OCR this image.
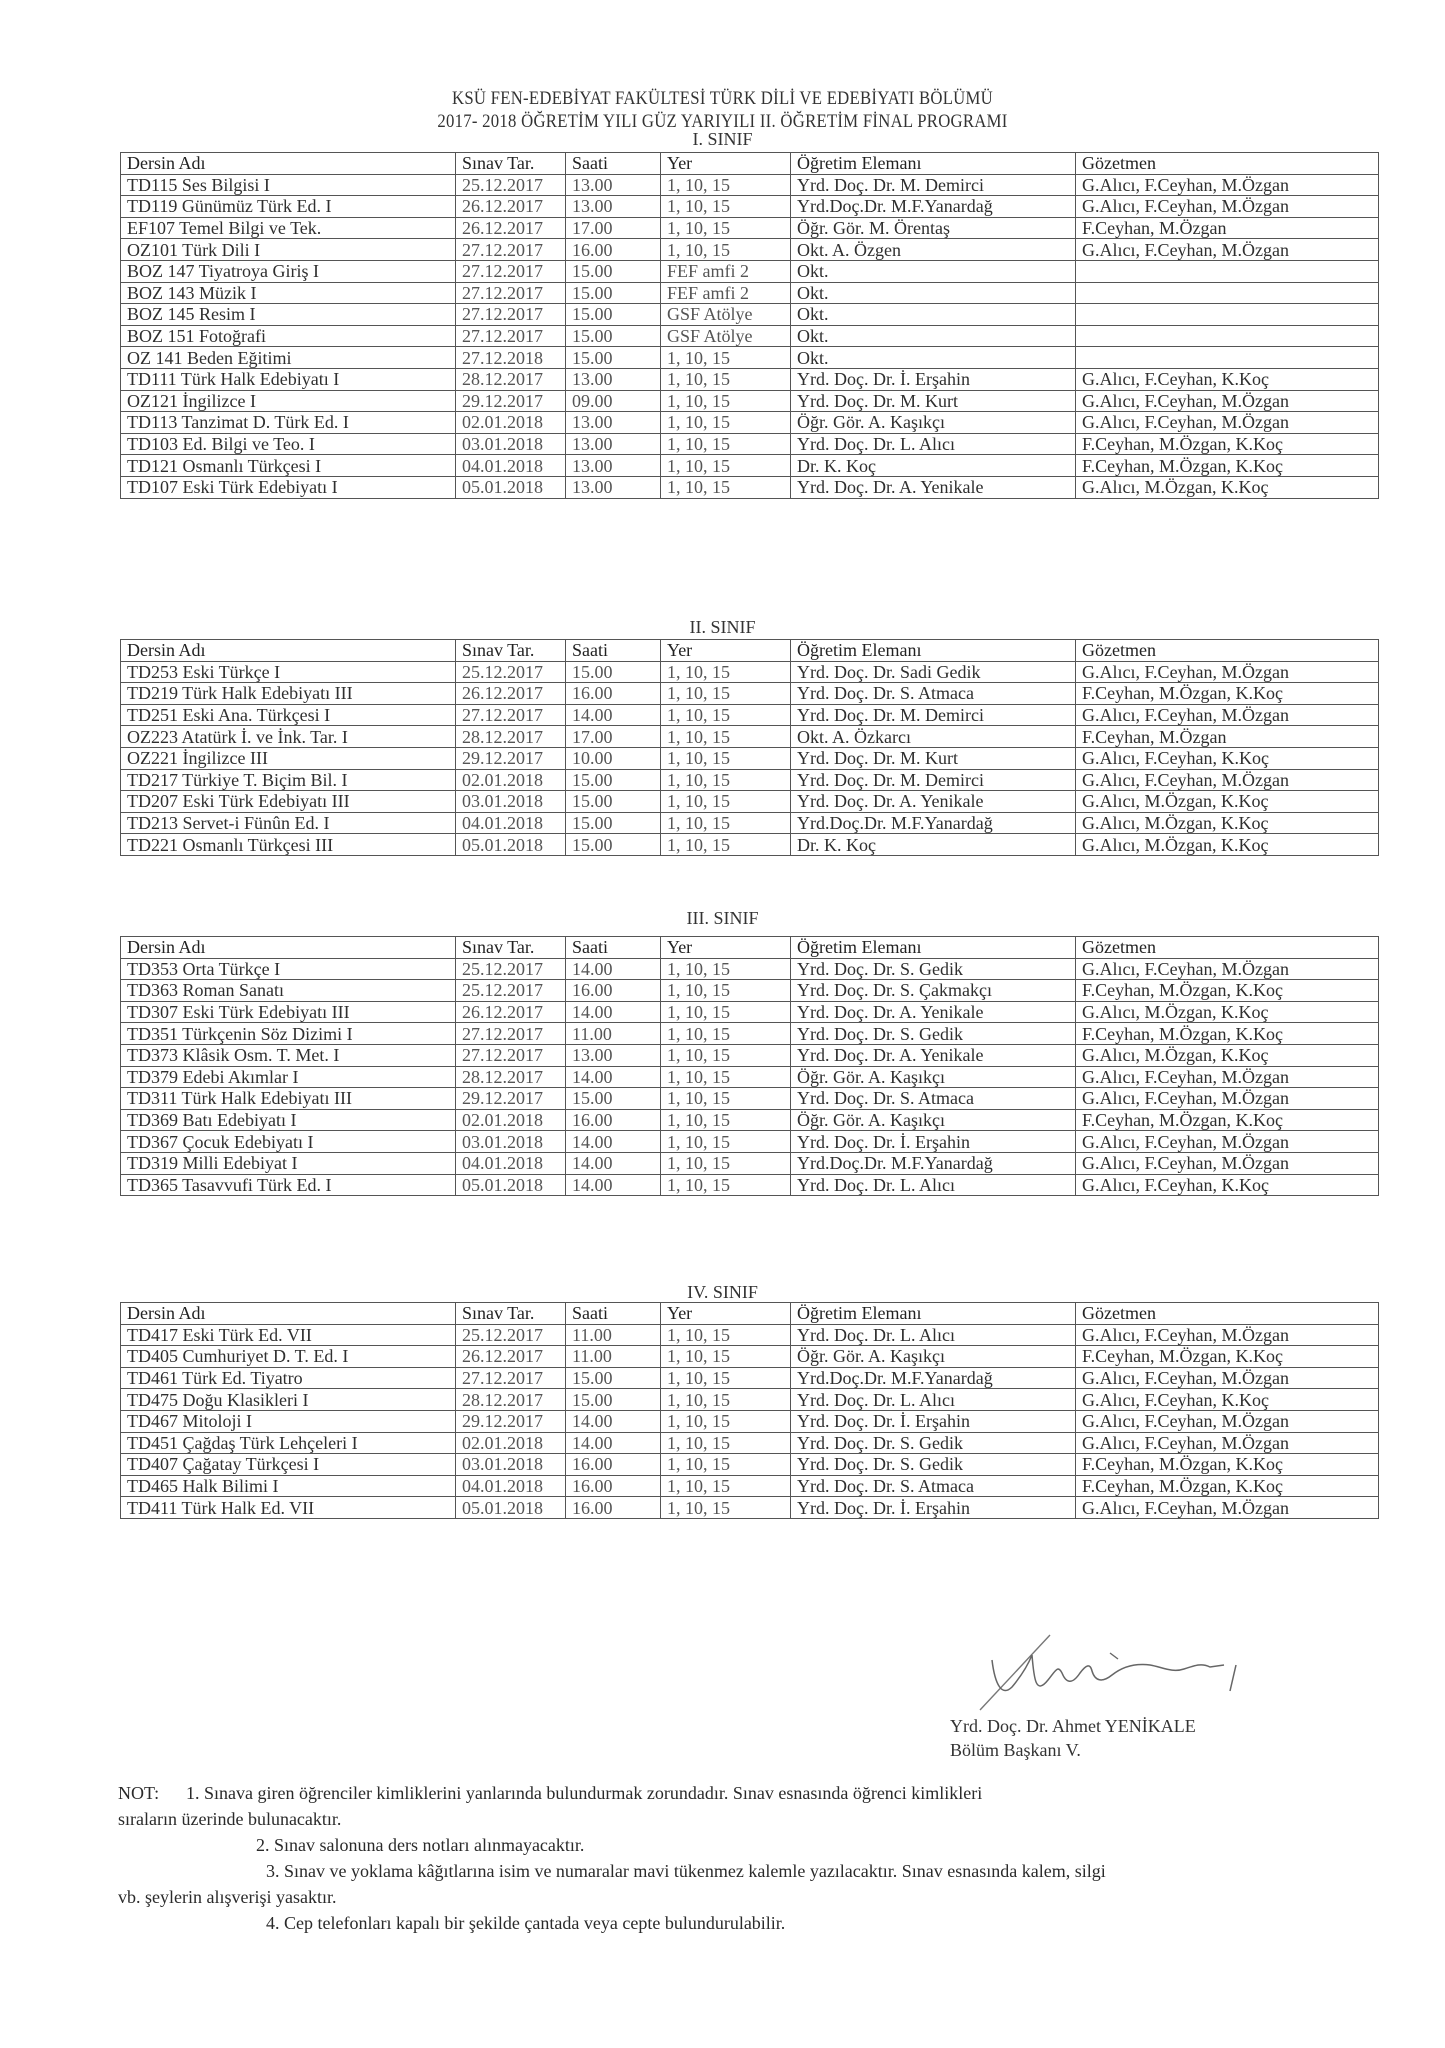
KSÜ FEN-EDEBİYAT FAKÜLTESİ TÜRK DİLİ VE EDEBİYATI BÖLÜMÜ
2017- 2018 ÖĞRETİM YILI GÜZ YARIYILI II. ÖĞRETİM FİNAL PROGRAMI
I. SINIF
Dersin Adı	Sınav Tar.	Saati	Yer	Öğretim Elemanı	Gözetmen
TD115 Ses Bilgisi I	25.12.2017	13.00	1, 10, 15	Yrd. Doç. Dr. M. Demirci	G.Alıcı, F.Ceyhan, M.Özgan
TD119 Günümüz Türk Ed. I	26.12.2017	13.00	1, 10, 15	Yrd.Doç.Dr. M.F.Yanardağ	G.Alıcı, F.Ceyhan, M.Özgan
EF107 Temel Bilgi ve Tek.	26.12.2017	17.00	1, 10, 15	Öğr. Gör. M. Örentaş	F.Ceyhan, M.Özgan
OZ101 Türk Dili I	27.12.2017	16.00	1, 10, 15	Okt. A. Özgen	G.Alıcı, F.Ceyhan, M.Özgan
BOZ 147 Tiyatroya Giriş I	27.12.2017	15.00	FEF amfi 2	Okt.	
BOZ 143 Müzik I	27.12.2017	15.00	FEF amfi 2	Okt.	
BOZ 145 Resim I	27.12.2017	15.00	GSF Atölye	Okt.	
BOZ 151 Fotoğrafi	27.12.2017	15.00	GSF Atölye	Okt.	
OZ 141 Beden Eğitimi	27.12.2018	15.00	1, 10, 15	Okt.	
TD111 Türk Halk Edebiyatı I	28.12.2017	13.00	1, 10, 15	Yrd. Doç. Dr. İ. Erşahin	G.Alıcı, F.Ceyhan, K.Koç
OZ121 İngilizce I	29.12.2017	09.00	1, 10, 15	Yrd. Doç. Dr. M. Kurt	G.Alıcı, F.Ceyhan, M.Özgan
TD113 Tanzimat D. Türk Ed. I	02.01.2018	13.00	1, 10, 15	Öğr. Gör. A. Kaşıkçı	G.Alıcı, F.Ceyhan, M.Özgan
TD103 Ed. Bilgi ve Teo. I	03.01.2018	13.00	1, 10, 15	Yrd. Doç. Dr. L. Alıcı	F.Ceyhan, M.Özgan, K.Koç
TD121 Osmanlı Türkçesi I	04.01.2018	13.00	1, 10, 15	Dr. K. Koç	F.Ceyhan, M.Özgan, K.Koç
TD107 Eski Türk Edebiyatı I	05.01.2018	13.00	1, 10, 15	Yrd. Doç. Dr. A. Yenikale	G.Alıcı, M.Özgan, K.Koç
II. SINIF
Dersin Adı	Sınav Tar.	Saati	Yer	Öğretim Elemanı	Gözetmen
TD253 Eski Türkçe I	25.12.2017	15.00	1, 10, 15	Yrd. Doç. Dr. Sadi Gedik	G.Alıcı, F.Ceyhan, M.Özgan
TD219 Türk Halk Edebiyatı III	26.12.2017	16.00	1, 10, 15	Yrd. Doç. Dr. S. Atmaca	F.Ceyhan, M.Özgan, K.Koç
TD251 Eski Ana. Türkçesi I	27.12.2017	14.00	1, 10, 15	Yrd. Doç. Dr. M. Demirci	G.Alıcı, F.Ceyhan, M.Özgan
OZ223 Atatürk İ. ve İnk. Tar. I	28.12.2017	17.00	1, 10, 15	Okt. A. Özkarcı	F.Ceyhan, M.Özgan
OZ221 İngilizce III	29.12.2017	10.00	1, 10, 15	Yrd. Doç. Dr. M. Kurt	G.Alıcı, F.Ceyhan, K.Koç
TD217 Türkiye T. Biçim Bil. I	02.01.2018	15.00	1, 10, 15	Yrd. Doç. Dr. M. Demirci	G.Alıcı, F.Ceyhan, M.Özgan
TD207 Eski Türk Edebiyatı III	03.01.2018	15.00	1, 10, 15	Yrd. Doç. Dr. A. Yenikale	G.Alıcı, M.Özgan, K.Koç
TD213 Servet-i Fünûn Ed. I	04.01.2018	15.00	1, 10, 15	Yrd.Doç.Dr. M.F.Yanardağ	G.Alıcı, M.Özgan, K.Koç
TD221 Osmanlı Türkçesi III	05.01.2018	15.00	1, 10, 15	Dr. K. Koç	G.Alıcı, M.Özgan, K.Koç
III. SINIF
Dersin Adı	Sınav Tar.	Saati	Yer	Öğretim Elemanı	Gözetmen
TD353 Orta Türkçe I	25.12.2017	14.00	1, 10, 15	Yrd. Doç. Dr. S. Gedik	G.Alıcı, F.Ceyhan, M.Özgan
TD363 Roman Sanatı	25.12.2017	16.00	1, 10, 15	Yrd. Doç. Dr. S. Çakmakçı	F.Ceyhan, M.Özgan, K.Koç
TD307 Eski Türk Edebiyatı III	26.12.2017	14.00	1, 10, 15	Yrd. Doç. Dr. A. Yenikale	G.Alıcı, M.Özgan, K.Koç
TD351 Türkçenin Söz Dizimi I	27.12.2017	11.00	1, 10, 15	Yrd. Doç. Dr. S. Gedik	F.Ceyhan, M.Özgan, K.Koç
TD373 Klâsik Osm. T. Met. I	27.12.2017	13.00	1, 10, 15	Yrd. Doç. Dr. A. Yenikale	G.Alıcı, M.Özgan, K.Koç
TD379 Edebi Akımlar I	28.12.2017	14.00	1, 10, 15	Öğr. Gör. A. Kaşıkçı	G.Alıcı, F.Ceyhan, M.Özgan
TD311 Türk Halk Edebiyatı III	29.12.2017	15.00	1, 10, 15	Yrd. Doç. Dr. S. Atmaca	G.Alıcı, F.Ceyhan, M.Özgan
TD369 Batı Edebiyatı I	02.01.2018	16.00	1, 10, 15	Öğr. Gör. A. Kaşıkçı	F.Ceyhan, M.Özgan, K.Koç
TD367 Çocuk Edebiyatı I	03.01.2018	14.00	1, 10, 15	Yrd. Doç. Dr. İ. Erşahin	G.Alıcı, F.Ceyhan, M.Özgan
TD319 Milli Edebiyat I	04.01.2018	14.00	1, 10, 15	Yrd.Doç.Dr. M.F.Yanardağ	G.Alıcı, F.Ceyhan, M.Özgan
TD365 Tasavvufi Türk Ed. I	05.01.2018	14.00	1, 10, 15	Yrd. Doç. Dr. L. Alıcı	G.Alıcı, F.Ceyhan, K.Koç
IV. SINIF
Dersin Adı	Sınav Tar.	Saati	Yer	Öğretim Elemanı	Gözetmen
TD417 Eski Türk Ed. VII	25.12.2017	11.00	1, 10, 15	Yrd. Doç. Dr. L. Alıcı	G.Alıcı, F.Ceyhan, M.Özgan
TD405 Cumhuriyet D. T. Ed. I	26.12.2017	11.00	1, 10, 15	Öğr. Gör. A. Kaşıkçı	F.Ceyhan, M.Özgan, K.Koç
TD461 Türk Ed. Tiyatro	27.12.2017	15.00	1, 10, 15	Yrd.Doç.Dr. M.F.Yanardağ	G.Alıcı, F.Ceyhan, M.Özgan
TD475 Doğu Klasikleri I	28.12.2017	15.00	1, 10, 15	Yrd. Doç. Dr. L. Alıcı	G.Alıcı, F.Ceyhan, K.Koç
TD467 Mitoloji I	29.12.2017	14.00	1, 10, 15	Yrd. Doç. Dr. İ. Erşahin	G.Alıcı, F.Ceyhan, M.Özgan
TD451 Çağdaş Türk Lehçeleri I	02.01.2018	14.00	1, 10, 15	Yrd. Doç. Dr. S. Gedik	G.Alıcı, F.Ceyhan, M.Özgan
TD407 Çağatay Türkçesi I	03.01.2018	16.00	1, 10, 15	Yrd. Doç. Dr. S. Gedik	F.Ceyhan, M.Özgan, K.Koç
TD465 Halk Bilimi I	04.01.2018	16.00	1, 10, 15	Yrd. Doç. Dr. S. Atmaca	F.Ceyhan, M.Özgan, K.Koç
TD411 Türk Halk Ed. VII	05.01.2018	16.00	1, 10, 15	Yrd. Doç. Dr. İ. Erşahin	G.Alıcı, F.Ceyhan, M.Özgan
Yrd. Doç. Dr. Ahmet YENİKALE
Bölüm Başkanı V.
NOT: 1. Sınava giren öğrenciler kimliklerini yanlarında bulundurmak zorundadır. Sınav esnasında öğrenci kimlikleri
sıraların üzerinde bulunacaktır.
2. Sınav salonuna ders notları alınmayacaktır.
3. Sınav ve yoklama kâğıtlarına isim ve numaralar mavi tükenmez kalemle yazılacaktır. Sınav esnasında kalem, silgi
vb. şeylerin alışverişi yasaktır.
4. Cep telefonları kapalı bir şekilde çantada veya cepte bulundurulabilir.
